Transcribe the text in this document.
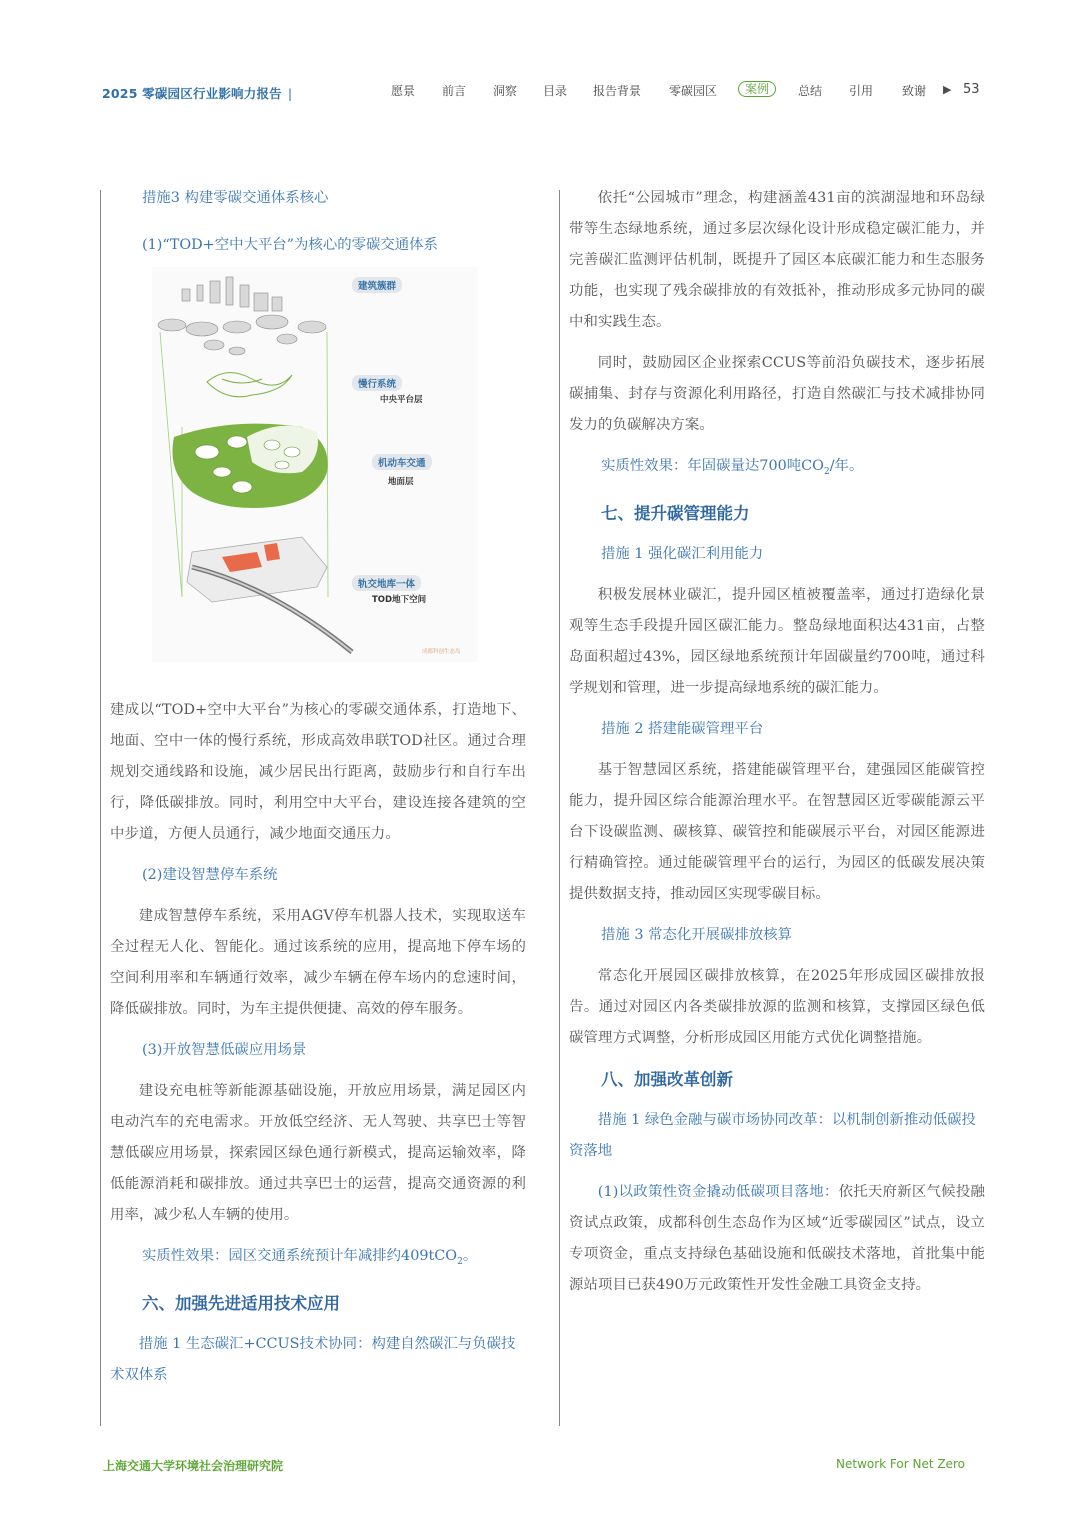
2025 零碳园区行业影响力报告 |	愿景 前言 洞察 目录 报告背景 零碳园区	案例	总结 引用 致谢 ▶ 53

措施3 构建零碳交通体系核心

(1)“TOD+空中大平台”为核心的零碳交通体系

建筑簇群
慢行系统
中央平台层
机动车交通
地面层
轨交地库一体
TOD地下空间
成都科创生态岛

建成以“TOD+空中大平台”为核心的零碳交通体系，打造地下、地面、空中一体的慢行系统，形成高效串联TOD社区。通过合理规划交通线路和设施，减少居民出行距离，鼓励步行和自行车出行，降低碳排放。同时，利用空中大平台，建设连接各建筑的空中步道，方便人员通行，减少地面交通压力。

(2)建设智慧停车系统

建成智慧停车系统，采用AGV停车机器人技术，实现取送车全过程无人化、智能化。通过该系统的应用，提高地下停车场的空间利用率和车辆通行效率，减少车辆在停车场内的怠速时间，降低碳排放。同时，为车主提供便捷、高效的停车服务。

(3)开放智慧低碳应用场景

建设充电桩等新能源基础设施，开放应用场景，满足园区内电动汽车的充电需求。开放低空经济、无人驾驶、共享巴士等智慧低碳应用场景，探索园区绿色通行新模式，提高运输效率，降低能源消耗和碳排放。通过共享巴士的运营，提高交通资源的利用率，减少私人车辆的使用。

实质性效果：园区交通系统预计年减排约409tCO$_2$。

六、加强先进适用技术应用

措施 1 生态碳汇+CCUS技术协同：构建自然碳汇与负碳技术双体系

依托“公园城市”理念，构建涵盖431亩的滨湖湿地和环岛绿带等生态绿地系统，通过多层次绿化设计形成稳定碳汇能力，并完善碳汇监测评估机制，既提升了园区本底碳汇能力和生态服务功能，也实现了残余碳排放的有效抵补，推动形成多元协同的碳中和实践生态。

同时，鼓励园区企业探索CCUS等前沿负碳技术，逐步拓展碳捕集、封存与资源化利用路径，打造自然碳汇与技术减排协同发力的负碳解决方案。

实质性效果：年固碳量达700吨$CO_2/$年。

七、提升碳管理能力

措施 1 强化碳汇利用能力

积极发展林业碳汇，提升园区植被覆盖率，通过打造绿化景观等生态手段提升园区碳汇能力。整岛绿地面积达431亩，占整岛面积超过43%，园区绿地系统预计年固碳量约700吨，通过科学规划和管理，进一步提高绿地系统的碳汇能力。

措施 2 搭建能碳管理平台

基于智慧园区系统，搭建能碳管理平台，建强园区能碳管控能力，提升园区综合能源治理水平。在智慧园区近零碳能源云平台下设碳监测、碳核算、碳管控和能碳展示平台，对园区能源进行精确管控。通过能碳管理平台的运行，为园区的低碳发展决策提供数据支持，推动园区实现零碳目标。

措施 3 常态化开展碳排放核算

常态化开展园区碳排放核算，在2025年形成园区碳排放报告。通过对园区内各类碳排放源的监测和核算，支撑园区绿色低碳管理方式调整，分析形成园区用能方式优化调整措施。

八、加强改革创新

措施 1 绿色金融与碳市场协同改革：以机制创新推动低碳投资落地

(1)以政策性资金撬动低碳项目落地：依托天府新区气候投融资试点政策，成都科创生态岛作为区域“近零碳园区”试点，设立专项资金，重点支持绿色基础设施和低碳技术落地，首批集中能源站项目已获490万元政策性开发性金融工具资金支持。

上海交通大学环境社会治理研究院	Network For Net Zero
